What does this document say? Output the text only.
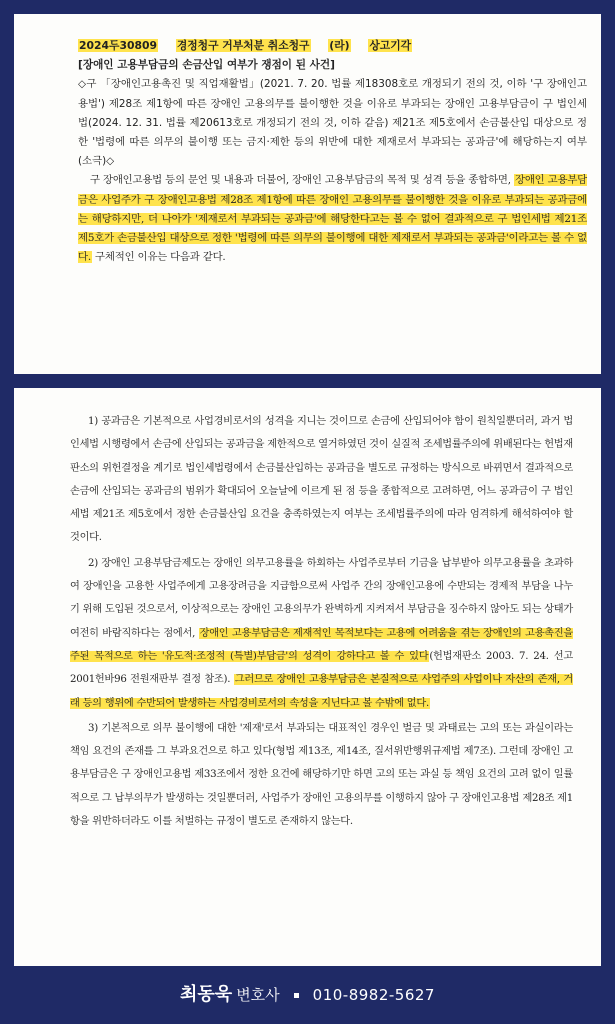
2024두30809 경정청구 거부처분 취소청구 (라) 상고기각
[장애인 고용부담금의 손금산입 여부가 쟁점이 된 사건]

◇구 「장애인고용촉진 및 직업재활법」(2021. 7. 20. 법률 제18308호로 개정되기 전의 것, 이하 '구 장애인고용법') 제28조 제1항에 따른 장애인 고용의무를 불이행한 것을 이유로 부과되는 장애인 고용부담금이 구 법인세법(2024. 12. 31. 법률 제20613호로 개정되기 전의 것, 이하 같음) 제21조 제5호에서 손금불산입 대상으로 정한 '법령에 따른 의무의 불이행 또는 금지·제한 등의 위반에 대한 제재로서 부과되는 공과금'에 해당하는지 여부(소극)◇

구 장애인고용법 등의 문언 및 내용과 더불어, 장애인 고용부담금의 목적 및 성격 등을 종합하면, 장애인 고용부담금은 사업주가 구 장애인고용법 제28조 제1항에 따른 장애인 고용의무를 불이행한 것을 이유로 부과되는 공과금에는 해당하지만, 더 나아가 '제재로서 부과되는 공과금'에 해당한다고는 볼 수 없어 결과적으로 구 법인세법 제21조 제5호가 손금불산입 대상으로 정한 '법령에 따른 의무의 불이행에 대한 제재로서 부과되는 공과금'이라고는 볼 수 없다. 구체적인 이유는 다음과 같다.

1) 공과금은 기본적으로 사업경비로서의 성격을 지니는 것이므로 손금에 산입되어야 함이 원칙일뿐더러, 과거 법인세법 시행령에서 손금에 산입되는 공과금을 제한적으로 열거하였던 것이 실질적 조세법률주의에 위배된다는 헌법재판소의 위헌결정을 계기로 법인세법령에서 손금불산입하는 공과금을 별도로 규정하는 방식으로 바뀌면서 결과적으로 손금에 산입되는 공과금의 범위가 확대되어 오늘날에 이르게 된 점 등을 종합적으로 고려하면, 어느 공과금이 구 법인세법 제21조 제5호에서 정한 손금불산입 요건을 충족하였는지 여부는 조세법률주의에 따라 엄격하게 해석하여야 할 것이다.

2) 장애인 고용부담금제도는 장애인 의무고용률을 하회하는 사업주로부터 기금을 납부받아 의무고용률을 초과하여 장애인을 고용한 사업주에게 고용장려금을 지급함으로써 사업주 간의 장애인고용에 수반되는 경제적 부담을 나누기 위해 도입된 것으로서, 이상적으로는 장애인 고용의무가 완벽하게 지켜져서 부담금을 징수하지 않아도 되는 상태가 여전히 바람직하다는 점에서, 장애인 고용부담금은 제재적인 목적보다는 고용에 어려움을 겪는 장애인의 고용촉진을 주된 목적으로 하는 '유도적·조정적 (특별)부담금'의 성격이 강하다고 볼 수 있다(헌법재판소 2003. 7. 24. 선고 2001헌바96 전원재판부 결정 참조). 그러므로 장애인 고용부담금은 본질적으로 사업주의 사업이나 자산의 존재, 거래 등의 행위에 수반되어 발생하는 사업경비로서의 속성을 지닌다고 볼 수밖에 없다.

3) 기본적으로 의무 불이행에 대한 '제재'로서 부과되는 대표적인 경우인 벌금 및 과태료는 고의 또는 과실이라는 책임 요건의 존재를 그 부과요건으로 하고 있다(형법 제13조, 제14조, 질서위반행위규제법 제7조). 그런데 장애인 고용부담금은 구 장애인고용법 제33조에서 정한 요건에 해당하기만 하면 고의 또는 과실 등 책임 요건의 고려 없이 일률적으로 그 납부의무가 발생하는 것일뿐더러, 사업주가 장애인 고용의무를 이행하지 않아 구 장애인고용법 제28조 제1항을 위반하더라도 이를 처벌하는 규정이 별도로 존재하지 않는다.

최동욱 변호사 010-8982-5627
